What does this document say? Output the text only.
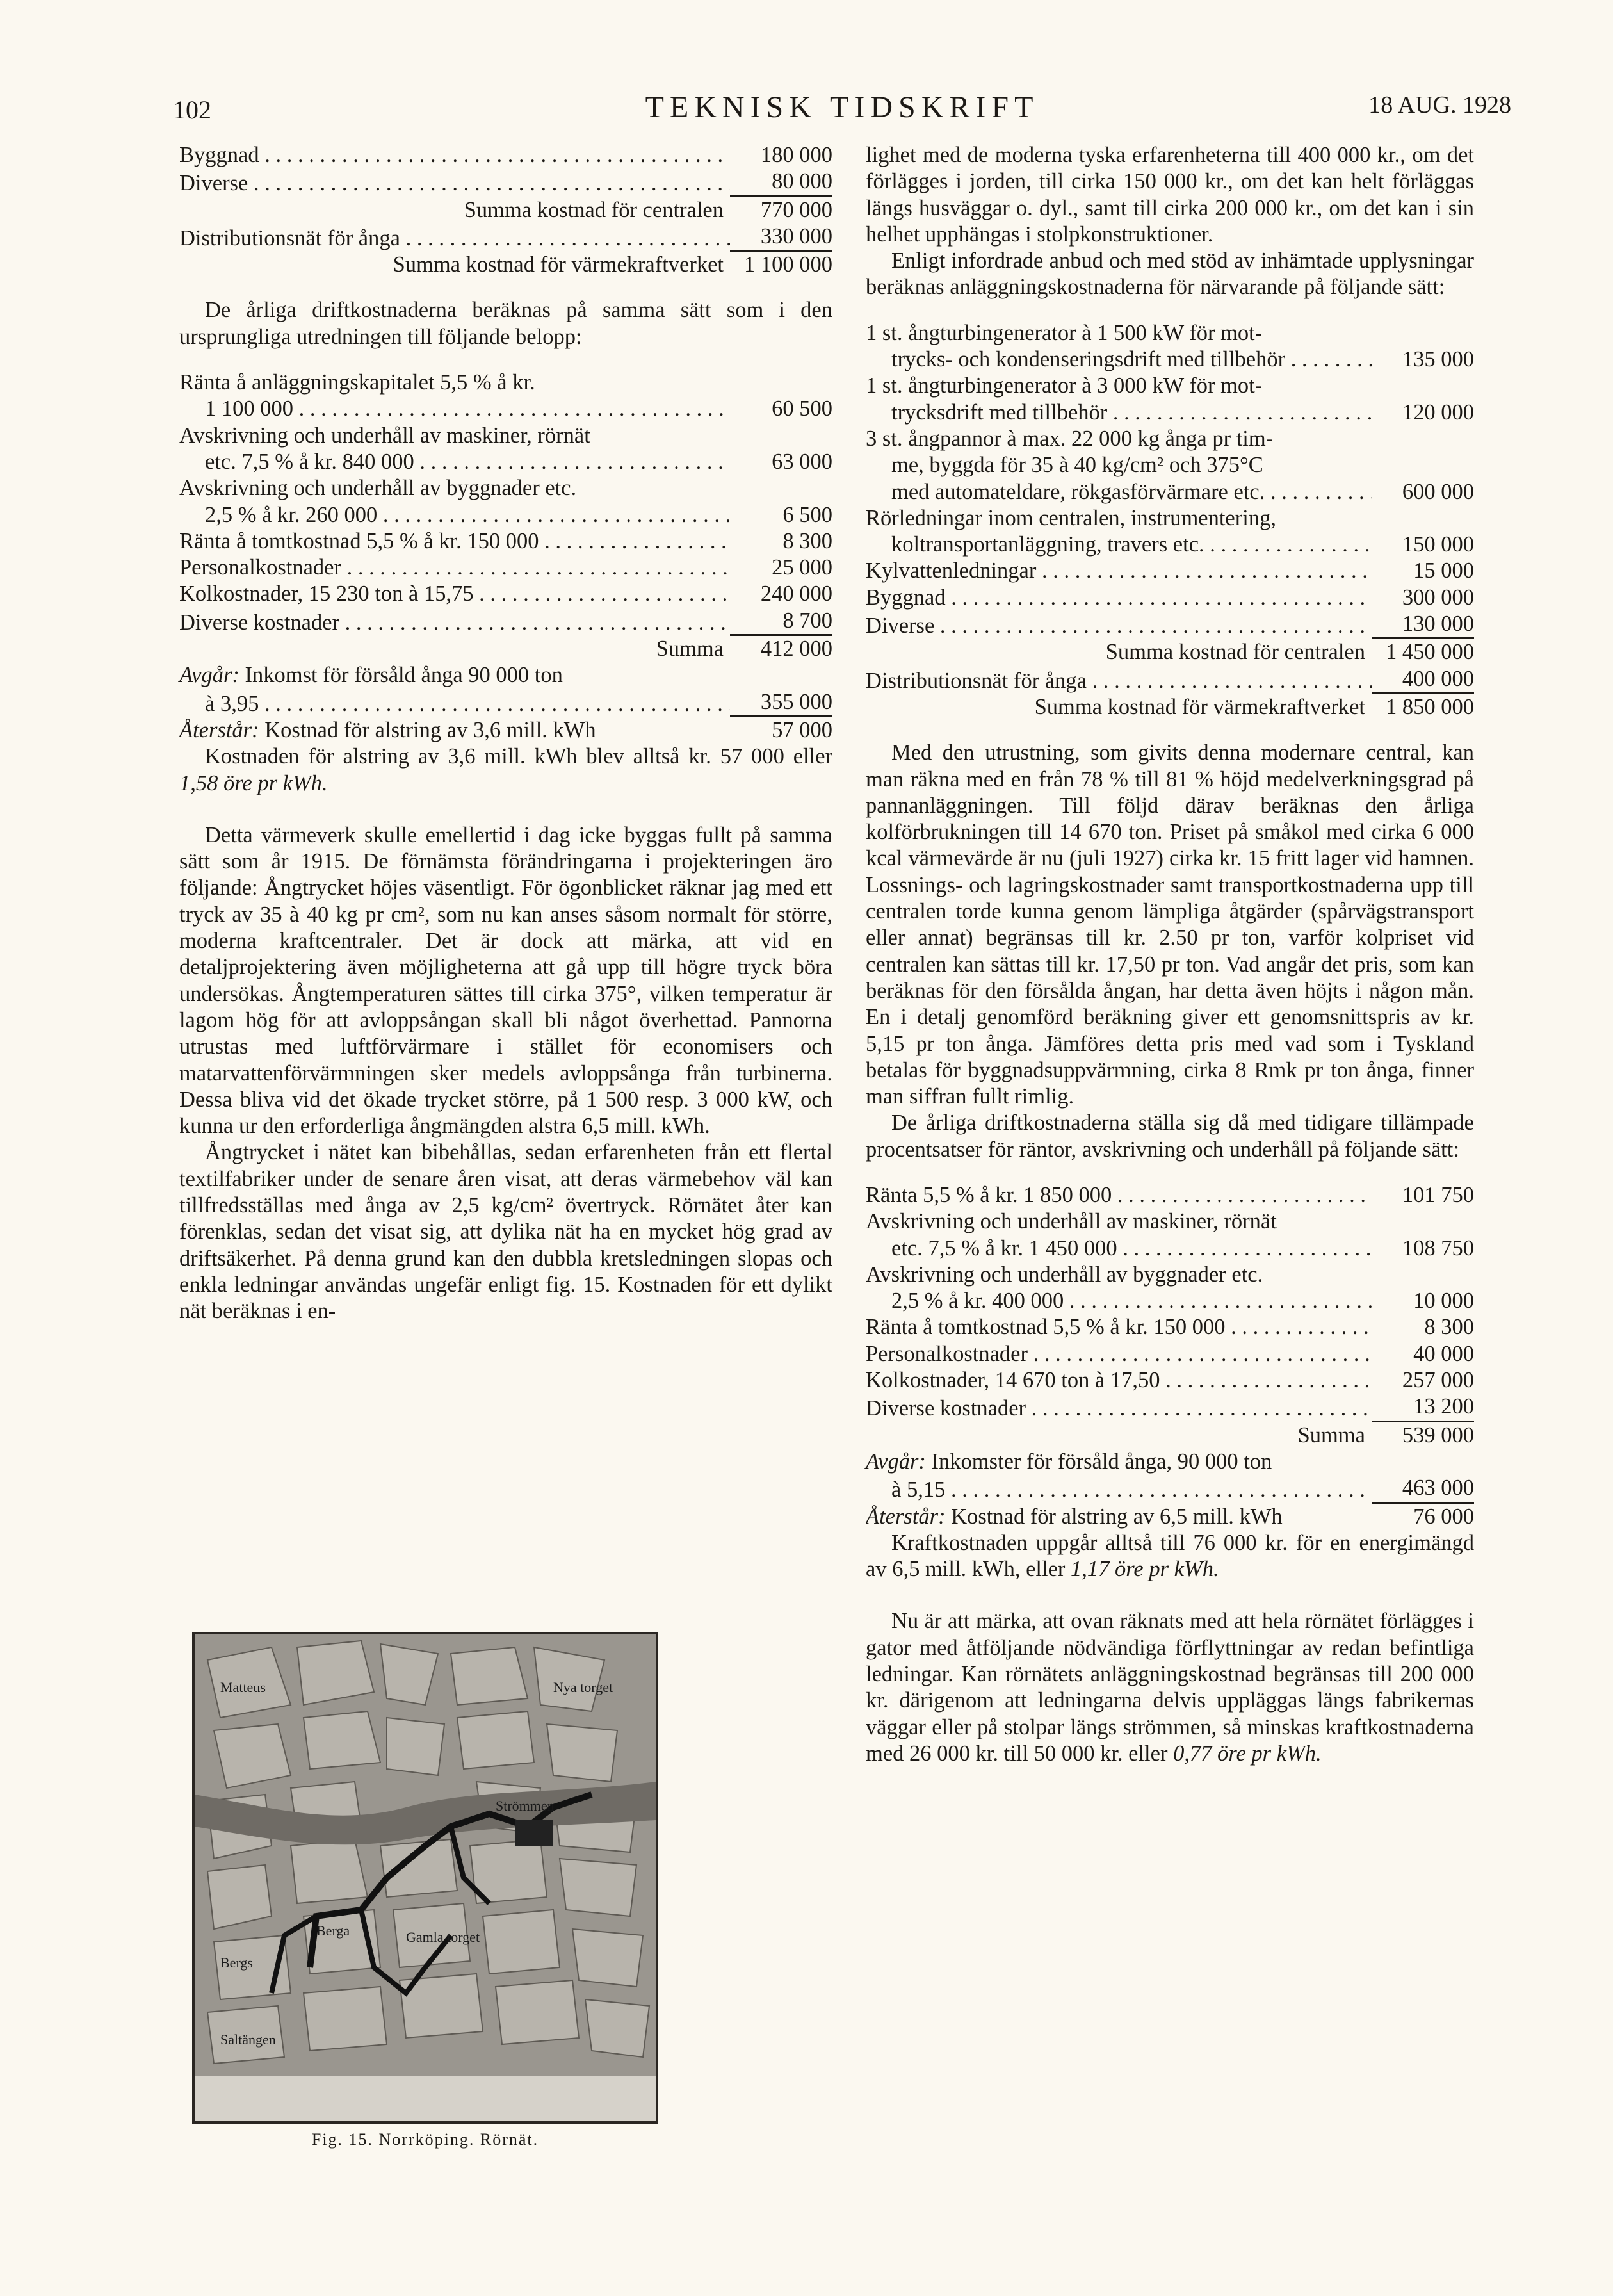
102	TEKNISK TIDSKRIFT	18 AUG. 1928
Byggnad . . .	180 000
Diverse . . .	80 000
Summa kostnad för centralen	770 000
Distributionsnät för ånga . . .	330 000
Summa kostnad för värmekraftverket 1 100 000

De årliga driftkostnaderna beräknas på samma sätt som i den ursprungliga utredningen till följande belopp:

Ränta å anläggningskapitalet 5,5 % å kr.
1 100 000 . . .	60 500
Avskrivning och underhåll av maskiner, rörnät
etc. 7,5 % å kr. 840 000 . . .	63 000
Avskrivning och underhåll av byggnader etc.
2,5 % å kr. 260 000 . . .	6 500
Ränta å tomtkostnad 5,5 % å kr. 150 000 . . .	8 300
Personalkostnader . . .	25 000
Kolkostnader, 15 230 ton à 15,75 . . .	240 000
Diverse kostnader . . .	8 700
Summa	412 000
Avgår: Inkomst för försåld ånga 90 000 ton
à 3,95 . . .	355 000
Återstår: Kostnad för alstring av 3,6 mill. kWh	57 000

Kostnaden för alstring av 3,6 mill. kWh blev alltså kr. 57 000 eller 1,58 öre pr kWh.

Detta värmeverk skulle emellertid i dag icke byggas fullt på samma sätt som år 1915. De förnämsta förändringarna i projekteringen äro följande: Ångtrycket höjes väsentligt. För ögonblicket räknar jag med ett tryck av 35 à 40 kg pr cm², som nu kan anses såsom normalt för större, moderna kraftcentraler. Det är dock att märka, att vid en detaljprojektering även möjligheterna att gå upp till högre tryck böra undersökas. Ångtemperaturen sättes till cirka 375°, vilken temperatur är lagom hög för att avloppsångan skall bli något överhettad. Pannorna utrustas med luftförvärmare i stället för economisers och matarvattenförvärmningen sker medels avloppsånga från turbinerna. Dessa bliva vid det ökade trycket större, på 1 500 resp. 3 000 kW, och kunna ur den erforderliga ångmängden alstra 6,5 mill. kWh.

Ångtrycket i nätet kan bibehållas, sedan erfarenheten från ett flertal textilfabriker under de senare åren visat, att deras värmebehov väl kan tillfredsställas med ånga av 2,5 kg/cm² övertryck. Rörnätet åter kan förenklas, sedan det visat sig, att dylika nät ha en mycket hög grad av driftsäkerhet. På denna grund kan den dubbla kretsledningen slopas och enkla ledningar användas ungefär enligt fig. 15. Kostnaden för ett dylikt nät beräknas i en-

Matteus	Nya torget
Berga
Strömmen
Bergs
Gamla torget
Saltängen
Fig. 15. Norrköping. Rörnät.

lighet med de moderna tyska erfarenheterna till 400 000 kr., om det förlägges i jorden, till cirka 150 000 kr., om det kan helt förläggas längs husväggar o. dyl., samt till cirka 200 000 kr., om det kan i sin helhet upphängas i stolpkonstruktioner.

Enligt infordrade anbud och med stöd av inhämtade upplysningar beräknas anläggningskostnaderna för närvarande på följande sätt:

1 st. ångturbingenerator à 1 500 kW för mot-
trycks- och kondenseringsdrift med tillbehör . . .	135 000
1 st. ångturbingenerator à 3 000 kW för mot-
trycksdrift med tillbehör . . .	120 000
3 st. ångpannor à max. 22 000 kg ånga pr tim-
me, byggda för 35 à 40 kg/cm² och 375°C
med automateldare, rökgasförvärmare etc. . . .	600 000
Rörledningar inom centralen, instrumentering,
koltransportanläggning, travers etc. . . .	150 000
Kylvattenledningar . . .	15 000
Byggnad . . .	300 000
Diverse . . .	130 000
Summa kostnad för centralen 1 450 000
Distributionsnät för ånga . . .	400 000
Summa kostnad för värmekraftverket 1 850 000

Med den utrustning, som givits denna modernare central, kan man räkna med en från 78 % till 81 % höjd medelverkningsgrad på pannanläggningen. Till följd därav beräknas den årliga kolförbrukningen till 14 670 ton. Priset på småkol med cirka 6 000 kcal värmevärde är nu (juli 1927) cirka kr. 15 fritt lager vid hamnen. Lossnings- och lagringskostnader samt transportkostnaderna upp till centralen torde kunna genom lämpliga åtgärder (spårvägstransport eller annat) begränsas till kr. 2.50 pr ton, varför kolpriset vid centralen kan sättas till kr. 17,50 pr ton. Vad angår det pris, som kan beräknas för den försålda ångan, har detta även höjts i någon mån. En i detalj genomförd beräkning giver ett genomsnittspris av kr. 5,15 pr ton ånga. Jämföres detta pris med vad som i Tyskland betalas för byggnadsuppvärmning, cirka 8 Rmk pr ton ånga, finner man siffran fullt rimlig.

De årliga driftkostnaderna ställa sig då med tidigare tillämpade procentsatser för räntor, avskrivning och underhåll på följande sätt:

Ränta 5,5 % å kr. 1 850 000 . . .	101 750
Avskrivning och underhåll av maskiner, rörnät
etc. 7,5 % å kr. 1 450 000 . . .	108 750
Avskrivning och underhåll av byggnader etc.
2,5 % å kr. 400 000 . . .	10 000
Ränta å tomtkostnad 5,5 % å kr. 150 000 . . .	8 300
Personalkostnader . . .	40 000
Kolkostnader, 14 670 ton à 17,50 . . .	257 000
Diverse kostnader . . .	13 200
Summa	539 000
Avgår: Inkomster för försåld ånga, 90 000 ton
à 5,15 . . .	463 000
Återstår: Kostnad för alstring av 6,5 mill. kWh	76 000

Kraftkostnaden uppgår alltså till 76 000 kr. för en energimängd av 6,5 mill. kWh, eller 1,17 öre pr kWh.

Nu är att märka, att ovan räknats med att hela rörnätet förlägges i gator med åtföljande nödvändiga förflyttningar av redan befintliga ledningar. Kan rörnätets anläggningskostnad begränsas till 200 000 kr. därigenom att ledningarna delvis uppläggas längs fabrikernas väggar eller på stolpar längs strömmen, så minskas kraftkostnaderna med 26 000 kr. till 50 000 kr. eller 0,77 öre pr kWh.
